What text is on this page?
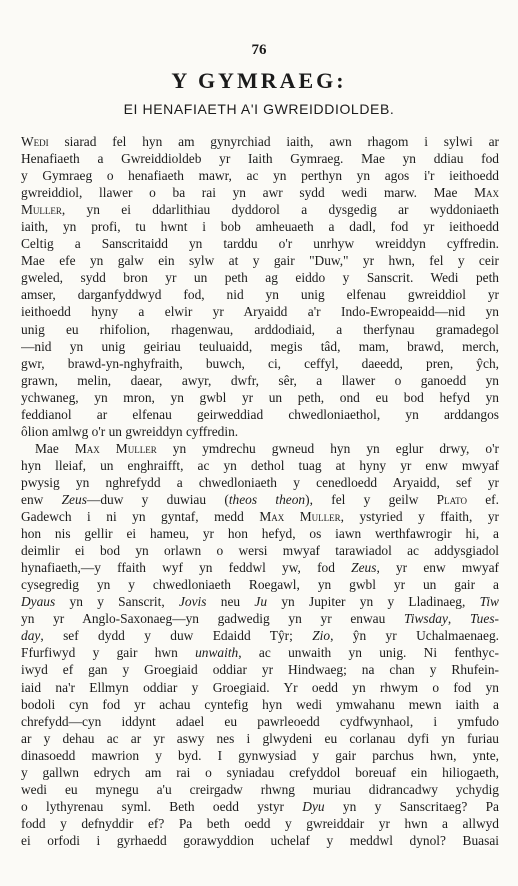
76
Y GYMRAEG:
EI HENAFIAETH A'I GWREIDDIOLDEB.
Wedi siarad fel hyn am gynyrchiad iaith, awn rhagom i sylwi ar
Henafiaeth a Gwreiddioldeb yr Iaith Gymraeg. Mae yn ddiau fod
y Gymraeg o henafiaeth mawr, ac yn perthyn yn agos i'r ieithoedd
gwreiddiol, llawer o ba rai yn awr sydd wedi marw. Mae Max
Muller, yn ei ddarlithiau dyddorol a dysgedig ar wyddoniaeth
iaith, yn profi, tu hwnt i bob amheuaeth a dadl, fod yr ieithoedd
Celtig a Sanscritaidd yn tarddu o'r unrhyw wreiddyn cyffredin.
Mae efe yn galw ein sylw at y gair "Duw," yr hwn, fel y ceir
gweled, sydd bron yr un peth ag eiddo y Sanscrit. Wedi peth
amser, darganfyddwyd fod, nid yn unig elfenau gwreiddiol yr
ieithoedd hyny a elwir yr Aryaidd a'r Indo-Ewropeaidd—nid yn
unig eu rhifolion, rhagenwau, arddodiaid, a therfynau gramadegol
—nid yn unig geiriau teuluaidd, megis tâd, mam, brawd, merch,
gwr, brawd-yn-nghyfraith, buwch, ci, ceffyl, daeedd, pren, ŷch,
grawn, melin, daear, awyr, dwfr, sêr, a llawer o ganoedd yn
ychwaneg, yn mron, yn gwbl yr un peth, ond eu bod hefyd yn
feddianol ar elfenau geirweddiad chwedloniaethol, yn arddangos
ôlion amlwg o'r un gwreiddyn cyffredin.
Mae Max Muller yn ymdrechu gwneud hyn yn eglur drwy, o'r
hyn lleiaf, un enghraifft, ac yn dethol tuag at hyny yr enw mwyaf
pwysig yn nghrefydd a chwedloniaeth y cenedloedd Aryaidd, sef yr
enw Zeus—duw y duwiau (theos theon), fel y geilw Plato ef.
Gadewch i ni yn gyntaf, medd Max Muller, ystyried y ffaith, yr
hon nis gellir ei hameu, yr hon hefyd, os iawn werthfawrogir hi, a
deimlir ei bod yn orlawn o wersi mwyaf tarawiadol ac addysgiadol
hynafiaeth,—y ffaith wyf yn feddwl yw, fod Zeus, yr enw mwyaf
cysegredig yn y chwedloniaeth Roegawl, yn gwbl yr un gair a
Dyaus yn y Sanscrit, Jovis neu Ju yn Jupiter yn y Lladinaeg, Tiw
yn yr Anglo-Saxonaeg—yn gadwedig yn yr enwau Tiwsday, Tues-
day, sef dydd y duw Edaidd Tŷr; Zio, ŷn yr Uchalmaenaeg.
Ffurfiwyd y gair hwn unwaith, ac unwaith yn unig. Ni fenthyc-
iwyd ef gan y Groegiaid oddiar yr Hindwaeg; na chan y Rhufein-
iaid na'r Ellmyn oddiar y Groegiaid. Yr oedd yn rhwym o fod yn
bodoli cyn fod yr achau cyntefig hyn wedi ymwahanu mewn iaith a
chrefydd—cyn iddynt adael eu pawrleoedd cydfwynhaol, i ymfudo
ar y dehau ac ar yr aswy nes i glwydeni eu corlanau dyfi yn furiau
dinasoedd mawrion y byd. I gynwysiad y gair parchus hwn, ynte,
y gallwn edrych am rai o syniadau crefyddol boreuaf ein hiliogaeth,
wedi eu mynegu a'u creirgadw rhwng muriau didrancadwy ychydig
o lythyrenau syml. Beth oedd ystyr Dyu yn y Sanscritaeg? Pa
fodd y defnyddir ef? Pa beth oedd y gwreiddair yr hwn a allwyd
ei orfodi i gyrhaedd gorawyddion uchelaf y meddwl dynol? Buasai
